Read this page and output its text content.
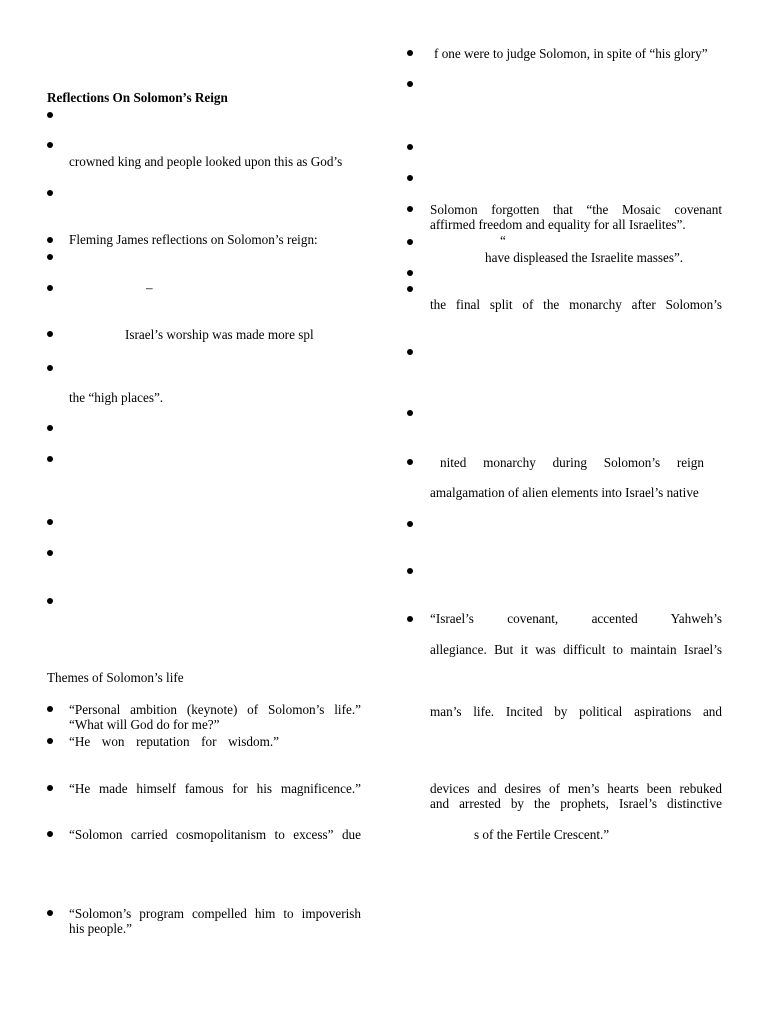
Reflections On Solomon’s Reign
crowned king and people looked upon this as God’s
Fleming James reflections on Solomon’s reign:
–
Israel’s worship was made more spl
the “high places”.
Themes of Solomon’s life
“Personal ambition (keynote) of Solomon’s life.”
“What will God do for me?”
“He won reputation for wisdom.”
“He made himself famous for his magnificence.”
“Solomon carried cosmopolitanism to excess” due
“Solomon’s program compelled him to impoverish
his people.”
f one were to judge Solomon, in spite of “his glory”
Solomon forgotten that “the Mosaic covenant
affirmed freedom and equality for all Israelites”.
“
have displeased the Israelite masses”.
the final split of the monarchy after Solomon’s
nited monarchy during Solomon’s reign
amalgamation of alien elements into Israel’s native
“Israel’s covenant, accented Yahweh’s
allegiance. But it was difficult to maintain Israel’s
man’s life. Incited by political aspirations and
devices and desires of men’s hearts been rebuked
and arrested by the prophets, Israel’s distinctive
s of the Fertile Crescent.”
